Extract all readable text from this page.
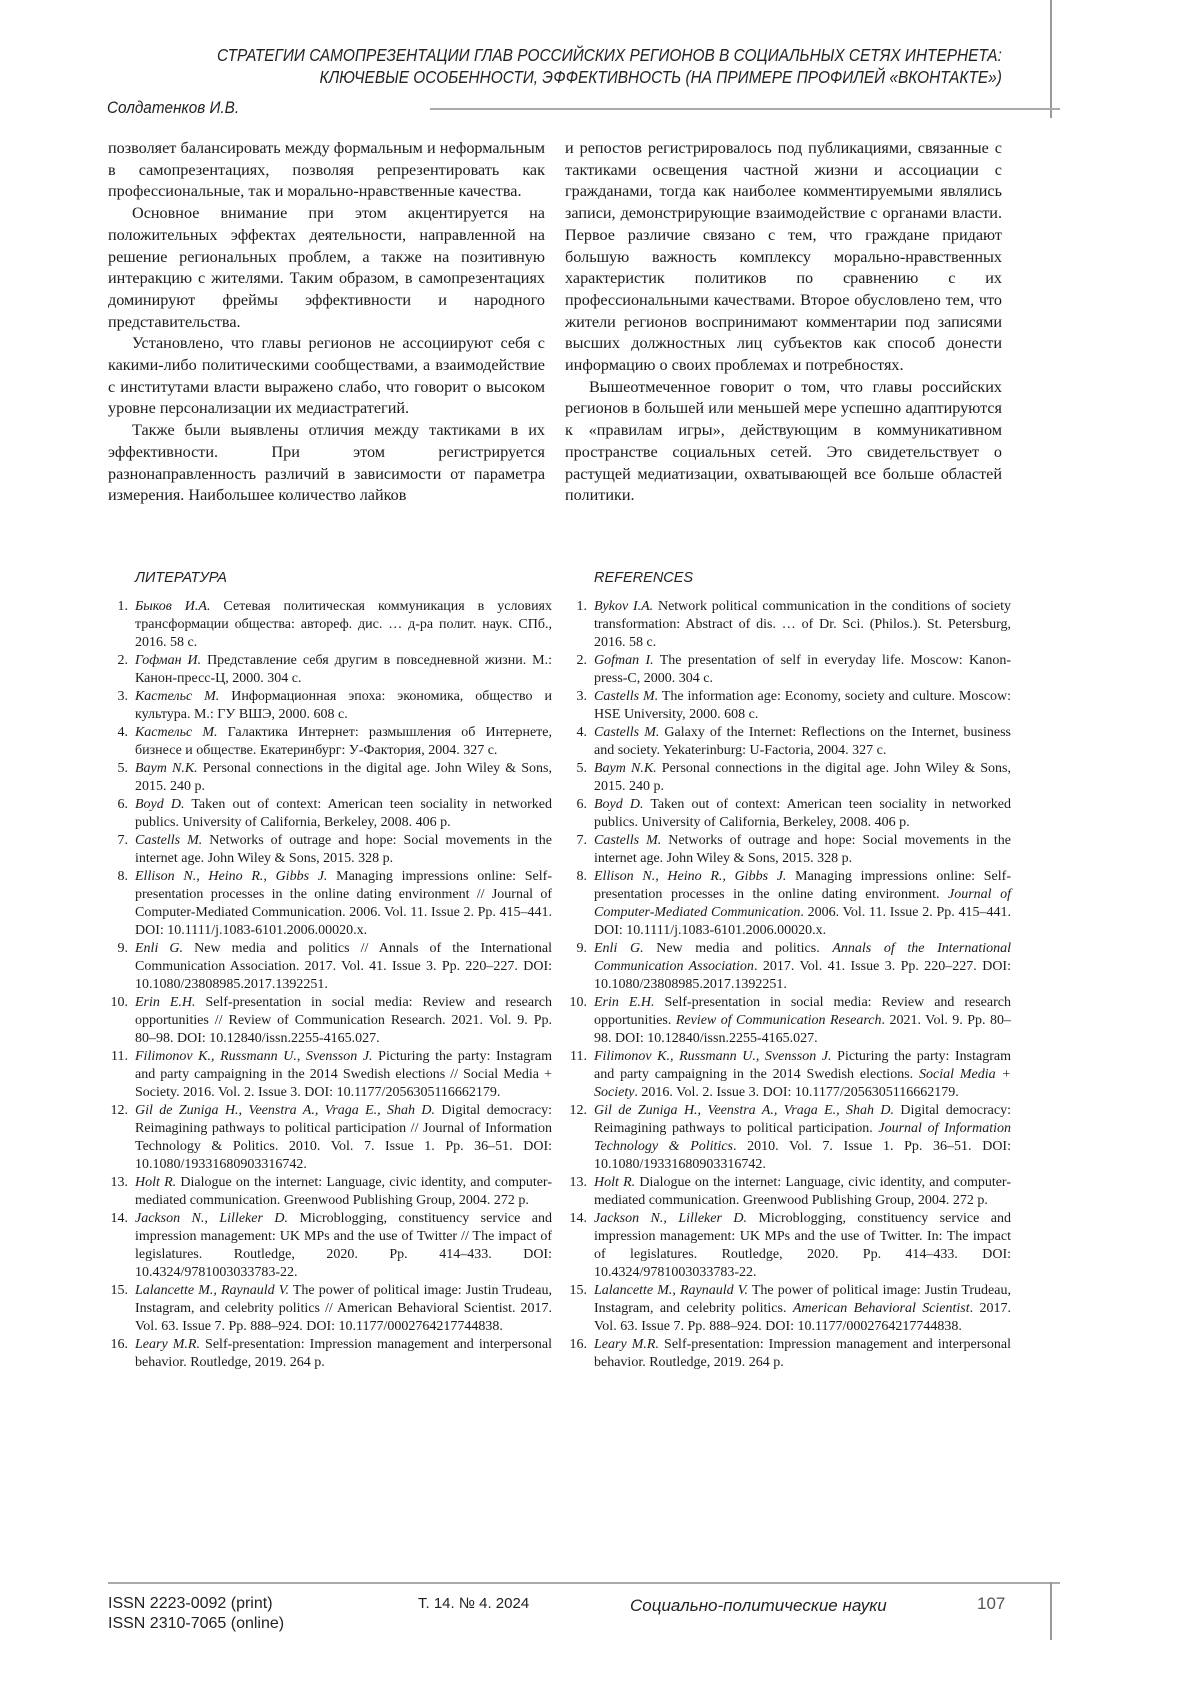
СТРАТЕГИИ САМОПРЕЗЕНТАЦИИ ГЛАВ РОССИЙСКИХ РЕГИОНОВ В СОЦИАЛЬНЫХ СЕТЯХ ИНТЕРНЕТА:
КЛЮЧЕВЫЕ ОСОБЕННОСТИ, ЭФФЕКТИВНОСТЬ (НА ПРИМЕРЕ ПРОФИЛЕЙ «ВКОНТАКТЕ»)
Солдатенков И.В.

позволяет балансировать между формальным и неформальным в самопрезентациях, позволяя репрезентировать как профессиональные, так и морально-нравственные качества.

Основное внимание при этом акцентируется на положительных эффектах деятельности, направленной на решение региональных проблем, а также на позитивную интеракцию с жителями. Таким образом, в самопрезентациях доминируют фреймы эффективности и народного представительства.

Установлено, что главы регионов не ассоциируют себя с какими-либо политическими сообществами, а взаимодействие с институтами власти выражено слабо, что говорит о высоком уровне персонализации их медиастратегий.

Также были выявлены отличия между тактиками в их эффективности. При этом регистрируется разнонаправленность различий в зависимости от параметра измерения. Наибольшее количество лайков

и репостов регистрировалось под публикациями, связанные с тактиками освещения частной жизни и ассоциации с гражданами, тогда как наиболее комментируемыми являлись записи, демонстрирующие взаимодействие с органами власти. Первое различие связано с тем, что граждане придают большую важность комплексу морально-нравственных характеристик политиков по сравнению с их профессиональными качествами. Второе обусловлено тем, что жители регионов воспринимают комментарии под записями высших должностных лиц субъектов как способ донести информацию о своих проблемах и потребностях.

Вышеотмеченное говорит о том, что главы российских регионов в большей или меньшей мере успешно адаптируются к «правилам игры», действующим в коммуникативном пространстве социальных сетей. Это свидетельствует о растущей медиатизации, охватывающей все больше областей политики.

ЛИТЕРАТУРА
1. Быков И.А. Сетевая политическая коммуникация в условиях трансформации общества: автореф. дис. … д-ра полит. наук. СПб., 2016. 58 с.
2. Гофман И. Представление себя другим в повседневной жизни. М.: Канон-пресс-Ц, 2000. 304 с.
3. Кастельс М. Информационная эпоха: экономика, общество и культура. М.: ГУ ВШЭ, 2000. 608 с.
4. Кастельс М. Галактика Интернет: размышления об Интернете, бизнесе и обществе. Екатеринбург: У-Фактория, 2004. 327 с.
5. Baym N.K. Personal connections in the digital age. John Wiley & Sons, 2015. 240 p.
6. Boyd D. Taken out of context: American teen sociality in networked publics. University of California, Berkeley, 2008. 406 p.
7. Castells M. Networks of outrage and hope: Social movements in the internet age. John Wiley & Sons, 2015. 328 p.
8. Ellison N., Heino R., Gibbs J. Managing impressions online: Self-presentation processes in the online dating environment // Journal of Computer-Mediated Communication. 2006. Vol. 11. Issue 2. Pp. 415–441. DOI: 10.1111/j.1083-6101.2006.00020.x.
9. Enli G. New media and politics // Annals of the International Communication Association. 2017. Vol. 41. Issue 3. Pp. 220–227. DOI: 10.1080/23808985.2017.1392251.
10. Erin E.H. Self-presentation in social media: Review and research opportunities // Review of Communication Research. 2021. Vol. 9. Pp. 80–98. DOI: 10.12840/issn.2255-4165.027.
11. Filimonov K., Russmann U., Svensson J. Picturing the party: Instagram and party campaigning in the 2014 Swedish elections // Social Media + Society. 2016. Vol. 2. Issue 3. DOI: 10.1177/2056305116662179.
12. Gil de Zuniga H., Veenstra A., Vraga E., Shah D. Digital democracy: Reimagining pathways to political participation // Journal of Information Technology & Politics. 2010. Vol. 7. Issue 1. Pp. 36–51. DOI: 10.1080/19331680903316742.
13. Holt R. Dialogue on the internet: Language, civic identity, and computer-mediated communication. Greenwood Publishing Group, 2004. 272 p.
14. Jackson N., Lilleker D. Microblogging, constituency service and impression management: UK MPs and the use of Twitter // The impact of legislatures. Routledge, 2020. Pp. 414–433. DOI: 10.4324/9781003033783-22.
15. Lalancette M., Raynauld V. The power of political image: Justin Trudeau, Instagram, and celebrity politics // American Behavioral Scientist. 2017. Vol. 63. Issue 7. Pp. 888–924. DOI: 10.1177/0002764217744838.
16. Leary M.R. Self-presentation: Impression management and interpersonal behavior. Routledge, 2019. 264 p.
REFERENCES
1. Bykov I.A. Network political communication in the conditions of society transformation: Abstract of dis. … of Dr. Sci. (Philos.). St. Petersburg, 2016. 58 c.
2. Gofman I. The presentation of self in everyday life. Moscow: Kanon-press-C, 2000. 304 c.
3. Castells M. The information age: Economy, society and culture. Moscow: HSE University, 2000. 608 c.
4. Castells M. Galaxy of the Internet: Reflections on the Internet, business and society. Yekaterinburg: U-Factoria, 2004. 327 c.
5. Baym N.K. Personal connections in the digital age. John Wiley & Sons, 2015. 240 p.
6. Boyd D. Taken out of context: American teen sociality in networked publics. University of California, Berkeley, 2008. 406 p.
7. Castells M. Networks of outrage and hope: Social movements in the internet age. John Wiley & Sons, 2015. 328 p.
8. Ellison N., Heino R., Gibbs J. Managing impressions online: Self-presentation processes in the online dating environment. Journal of Computer-Mediated Communication. 2006. Vol. 11. Issue 2. Pp. 415–441. DOI: 10.1111/j.1083-6101.2006.00020.x.
9. Enli G. New media and politics. Annals of the International Communication Association. 2017. Vol. 41. Issue 3. Pp. 220–227. DOI: 10.1080/23808985.2017.1392251.
10. Erin E.H. Self-presentation in social media: Review and research opportunities. Review of Communication Research. 2021. Vol. 9. Pp. 80–98. DOI: 10.12840/issn.2255-4165.027.
11. Filimonov K., Russmann U., Svensson J. Picturing the party: Instagram and party campaigning in the 2014 Swedish elections. Social Media + Society. 2016. Vol. 2. Issue 3. DOI: 10.1177/2056305116662179.
12. Gil de Zuniga H., Veenstra A., Vraga E., Shah D. Digital democracy: Reimagining pathways to political participation. Journal of Information Technology & Politics. 2010. Vol. 7. Issue 1. Pp. 36–51. DOI: 10.1080/19331680903316742.
13. Holt R. Dialogue on the internet: Language, civic identity, and computer-mediated communication. Greenwood Publishing Group, 2004. 272 p.
14. Jackson N., Lilleker D. Microblogging, constituency service and impression management: UK MPs and the use of Twitter. In: The impact of legislatures. Routledge, 2020. Pp. 414–433. DOI: 10.4324/9781003033783-22.
15. Lalancette M., Raynauld V. The power of political image: Justin Trudeau, Instagram, and celebrity politics. American Behavioral Scientist. 2017. Vol. 63. Issue 7. Pp. 888–924. DOI: 10.1177/0002764217744838.
16. Leary M.R. Self-presentation: Impression management and interpersonal behavior. Routledge, 2019. 264 p.
ISSN 2223-0092 (print)
ISSN 2310-7065 (online)
Т. 14. № 4. 2024	Социально-политические науки	107
